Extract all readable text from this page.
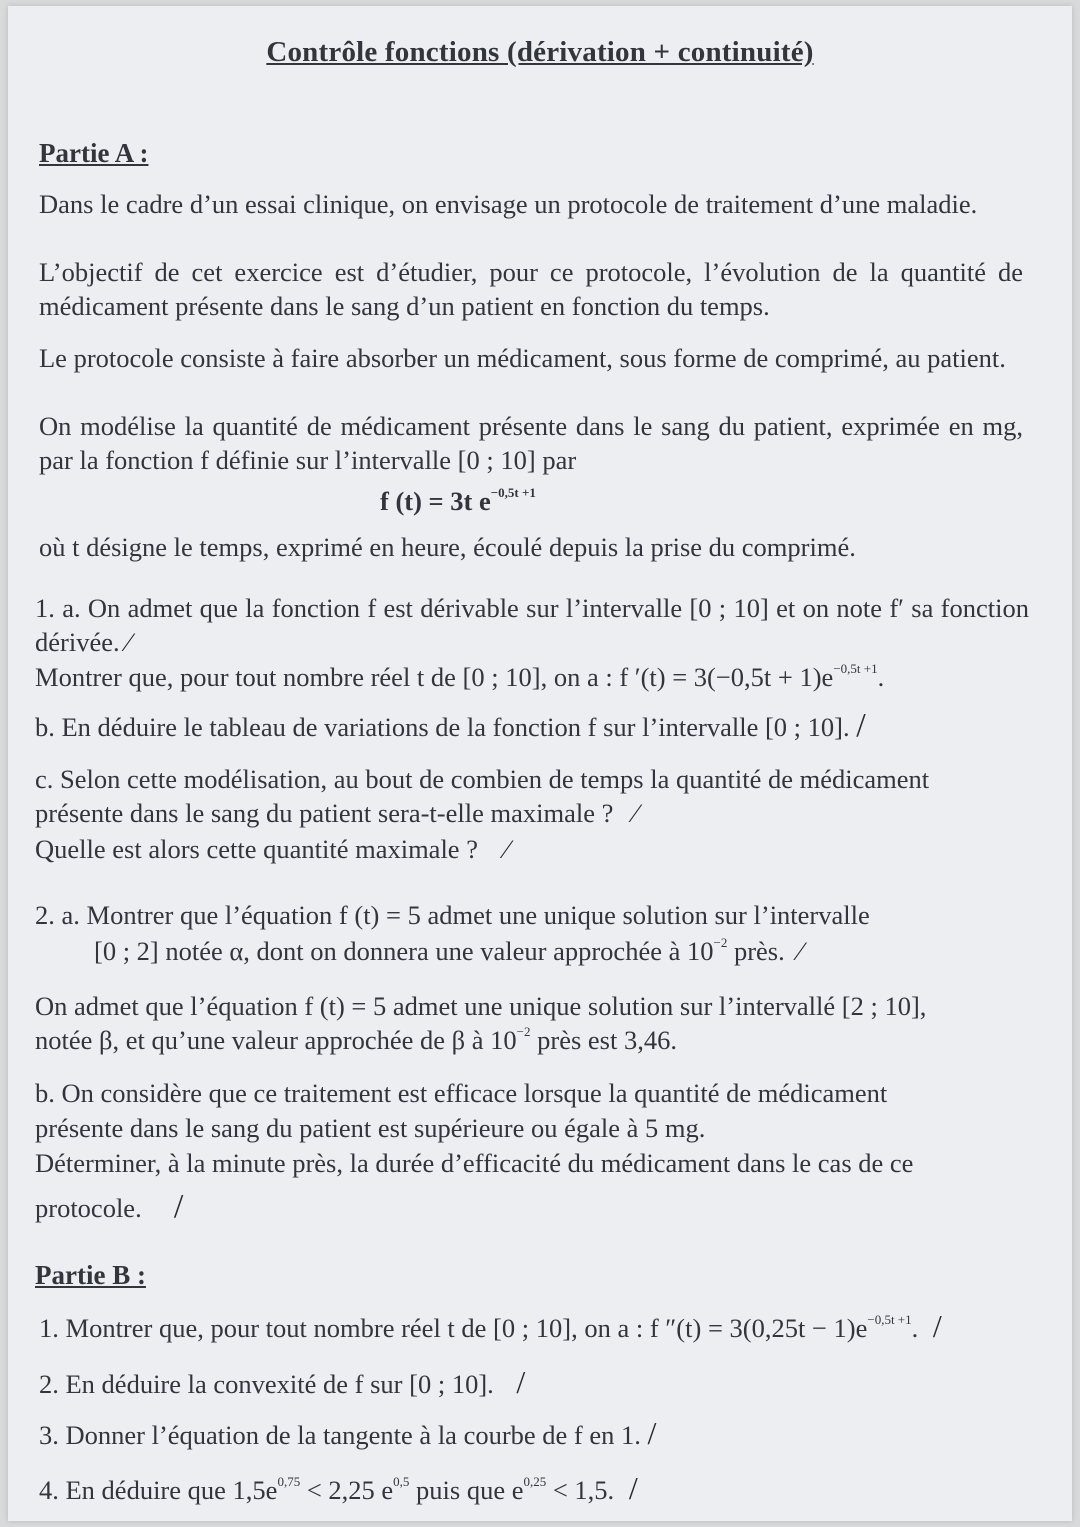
Contrôle fonctions (dérivation + continuité)
Partie A :
Dans le cadre d’un essai clinique, on envisage un protocole de traitement d’une maladie.
L’objectif de cet exercice est d’étudier, pour ce protocole, l’évolution de la quantité de médicament présente dans le sang d’un patient en fonction du temps.
Le protocole consiste à faire absorber un médicament, sous forme de comprimé, au patient.
On modélise la quantité de médicament présente dans le sang du patient, exprimée en mg, par la fonction f définie sur l’intervalle [0 ; 10] par
f (t) = 3t $e^{-0,5t +1}$
où t désigne le temps, exprimé en heure, écoulé depuis la prise du comprimé.
1. a. On admet que la fonction f est dérivable sur l’intervalle [0 ; 10] et on note f′ sa fonction dérivée. ⁄
Montrer que, pour tout nombre réel t de [0 ; 10], on a : f $'(t) = 3(-0,5t + 1)e^{-0,5t +1}$.
b. En déduire le tableau de variations de la fonction f sur l’intervalle [0 ; 10]. /
c. Selon cette modélisation, au bout de combien de temps la quantité de médicament
présente dans le sang du patient sera-t-elle maximale ?   ⁄
Quelle est alors cette quantité maximale ?    ⁄
2. a. Montrer que l’équation f (t) = 5 admet une unique solution sur l’intervalle
[0 ; 2] notée α, dont on donnera une valeur approchée à $10^{-2}$ près.  ⁄
On admet que l’équation f (t) = 5 admet une unique solution sur l’intervallé [2 ; 10],
notée β, et qu’une valeur approchée de β à $10^{-2}$ près est 3,46.
b. On considère que ce traitement est efficace lorsque la quantité de médicament
présente dans le sang du patient est supérieure ou égale à 5 mg.
Déterminer, à la minute près, la durée d’efficacité du médicament dans le cas de ce
protocole.    /
Partie B :
1. Montrer que, pour tout nombre réel t de [0 ; 10], on a : f $''(t) = 3(0,25t - 1)e^{-0,5t +1}$.  /
2. En déduire la convexité de f sur [0 ; 10].   /
3. Donner l’équation de la tangente à la courbe de f en 1. /
4. En déduire que $1,5e^{0,75} < 2,25$ $e^{0,5}$ puis que $e^{0,25} < 1,5$.  /
